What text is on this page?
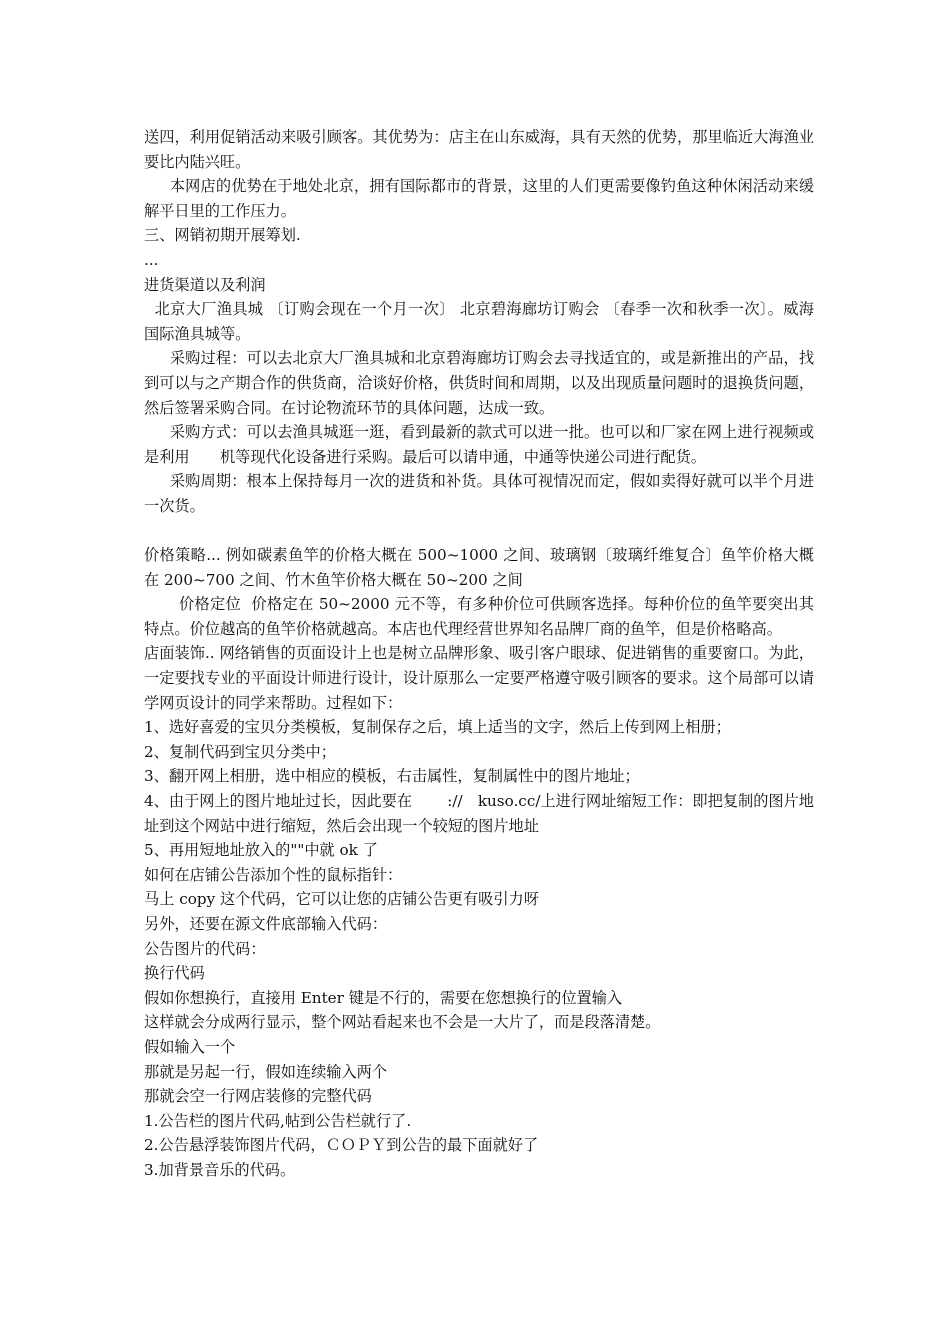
送四，利用促销活动来吸引顾客。其优势为：店主在山东威海，具有天然的优势，那里临近大海渔业要比内陆兴旺。

本网店的优势在于地处北京，拥有国际都市的背景，这里的人们更需要像钓鱼这种休闲活动来缓解平日里的工作压力。

三、网销初期开展筹划.

...

进货渠道以及利润

北京大厂渔具城 〔订购会现在一个月一次〕 北京碧海廊坊订购会 〔春季一次和秋季一次〕。威海国际渔具城等。

采购过程：可以去北京大厂渔具城和北京碧海廊坊订购会去寻找适宜的，或是新推出的产品，找到可以与之产期合作的供货商，洽谈好价格，供货时间和周期，以及出现质量问题时的退换货问题，然后签署采购合同。在讨论物流环节的具体问题，达成一致。

采购方式：可以去渔具城逛一逛，看到最新的款式可以进一批。也可以和厂家在网上进行视频或是利用　　机等现代化设备进行采购。最后可以请申通，中通等快递公司进行配货。

采购周期：根本上保持每月一次的进货和补货。具体可视情况而定，假如卖得好就可以半个月进一次货。

价格策略... 例如碳素鱼竿的价格大概在 500~1000 之间、玻璃钢〔玻璃纤维复合〕鱼竿价格大概在 200~700 之间、竹木鱼竿价格大概在 50~200 之间

价格定位  价格定在 50~2000 元不等，有多种价位可供顾客选择。每种价位的鱼竿要突出其特点。价位越高的鱼竿价格就越高。本店也代理经营世界知名品牌厂商的鱼竿，但是价格略高。

店面装饰.. 网络销售的页面设计上也是树立品牌形象、吸引客户眼球、促进销售的重要窗口。为此，一定要找专业的平面设计师进行设计，设计原那么一定要严格遵守吸引顾客的要求。这个局部可以请学网页设计的同学来帮助。过程如下：

1、选好喜爱的宝贝分类模板，复制保存之后，填上适当的文字，然后上传到网上相册；

2、复制代码到宝贝分类中；

3、翻开网上相册，选中相应的模板，右击属性，复制属性中的图片地址；

4、由于网上的图片地址过长，因此要在　　 ://　kuso.cc/上进行网址缩短工作：即把复制的图片地址到这个网站中进行缩短，然后会出现一个较短的图片地址

5、再用短地址放入的""中就 ok 了

如何在店铺公告添加个性的鼠标指针：

马上 copy 这个代码，它可以让您的店铺公告更有吸引力呀

另外，还要在源文件底部输入代码：

公告图片的代码：

换行代码

假如你想换行，直接用 Enter 键是不行的，需要在您想换行的位置输入

这样就会分成两行显示，整个网站看起来也不会是一大片了，而是段落清楚。

假如输入一个

那就是另起一行，假如连续输入两个

那就会空一行网店装修的完整代码

1.公告栏的图片代码,帖到公告栏就行了.

2.公告悬浮装饰图片代码，ＣＯＰＹ到公告的最下面就好了

3.加背景音乐的代码。
